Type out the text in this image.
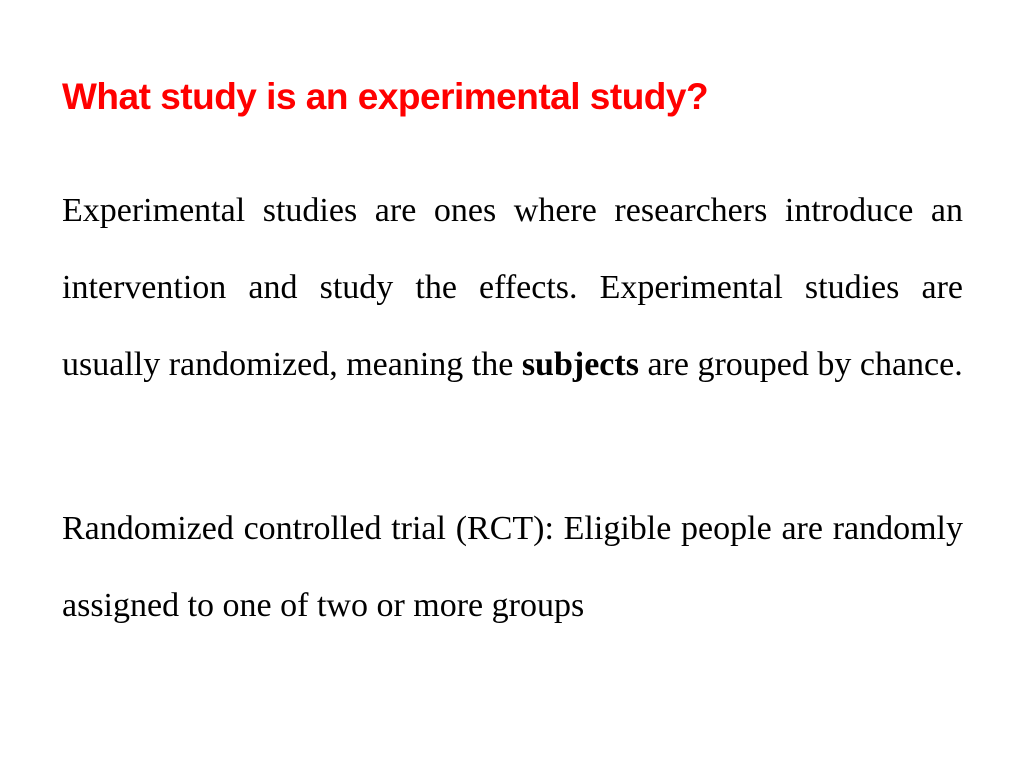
What study is an experimental study?

Experimental studies are ones where researchers introduce an intervention and study the effects. Experimental studies are usually randomized, meaning the subjects are grouped by chance.

Randomized controlled trial (RCT): Eligible people are randomly assigned to one of two or more groups
